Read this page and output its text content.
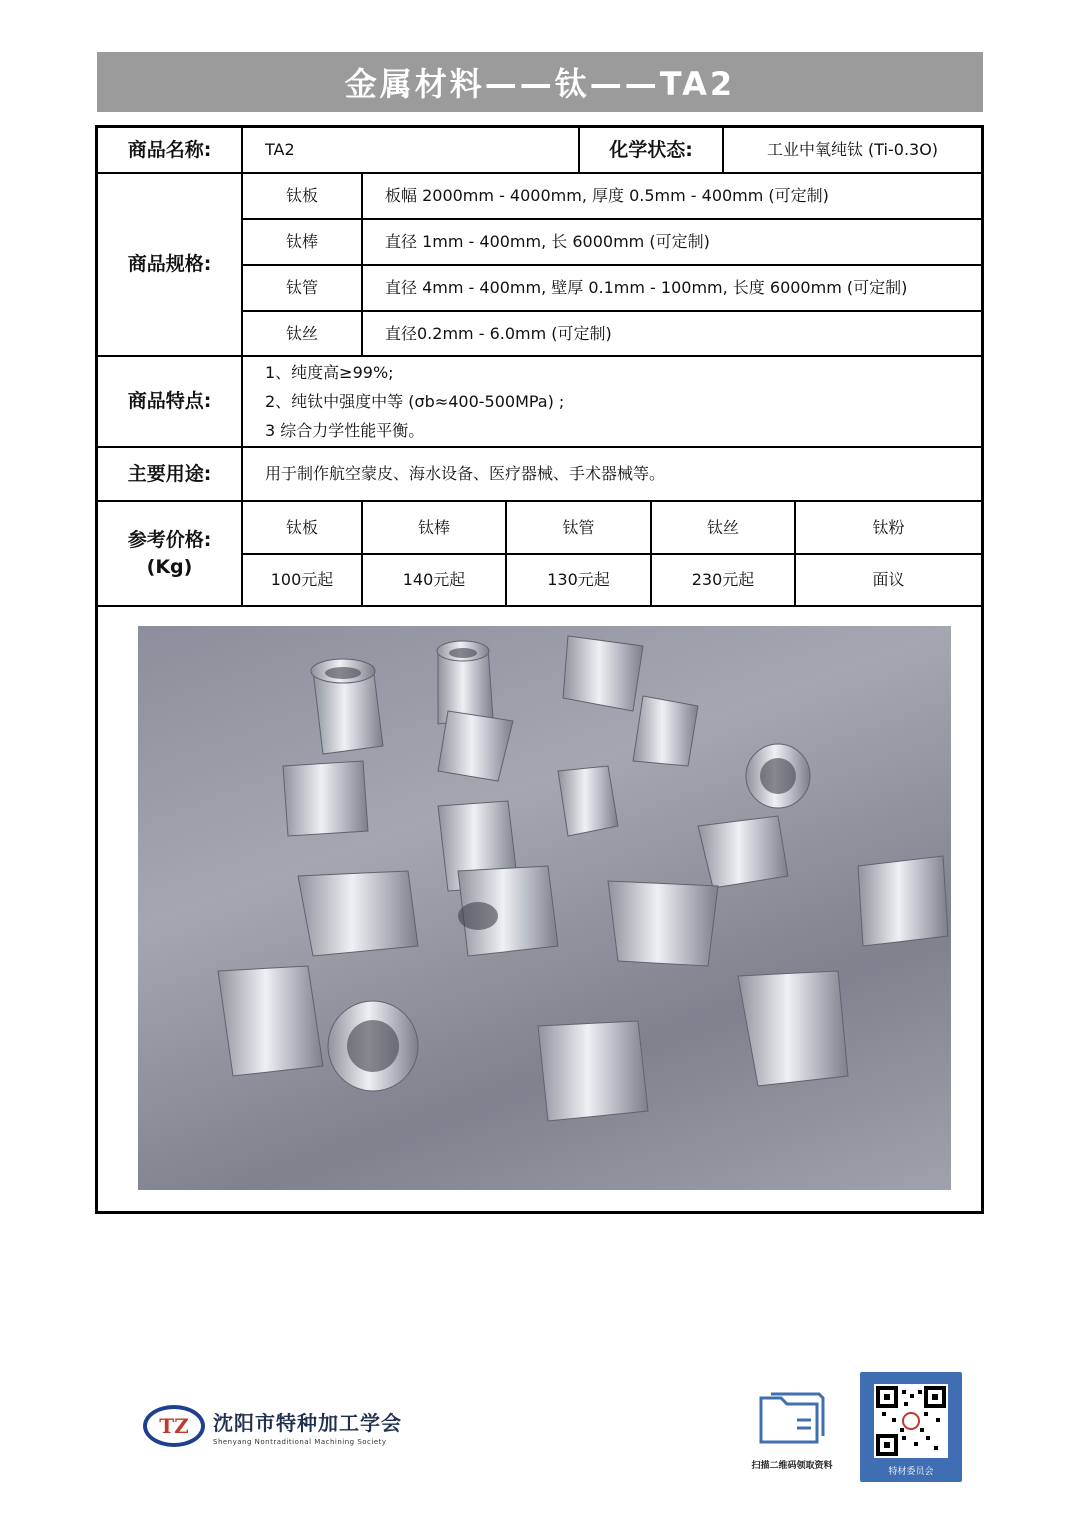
金属材料——钛——TA2
商品名称:	TA2	化学状态:	工业中氧纯钛 (Ti-0.3O)
商品规格:
钛板	板幅 2000mm - 4000mm, 厚度 0.5mm - 400mm (可定制)
钛棒	直径 1mm - 400mm, 长 6000mm (可定制)
钛管	直径 4mm - 400mm, 壁厚 0.1mm - 100mm, 长度 6000mm (可定制)
钛丝	直径0.2mm - 6.0mm (可定制)
商品特点:
1、纯度高≥99%;
2、纯钛中强度中等 (σb≈400-500MPa) ;
3 综合力学性能平衡。
主要用途:	用于制作航空蒙皮、海水设备、医疗器械、手术器械等。
参考价格:
(Kg)
钛板	钛棒	钛管	钛丝	钛粉
100元起	140元起	130元起	230元起	面议
TZ	沈阳市特种加工学会
Shenyang Nontraditional Machining Society
扫描二维码领取资料
特材委员会
